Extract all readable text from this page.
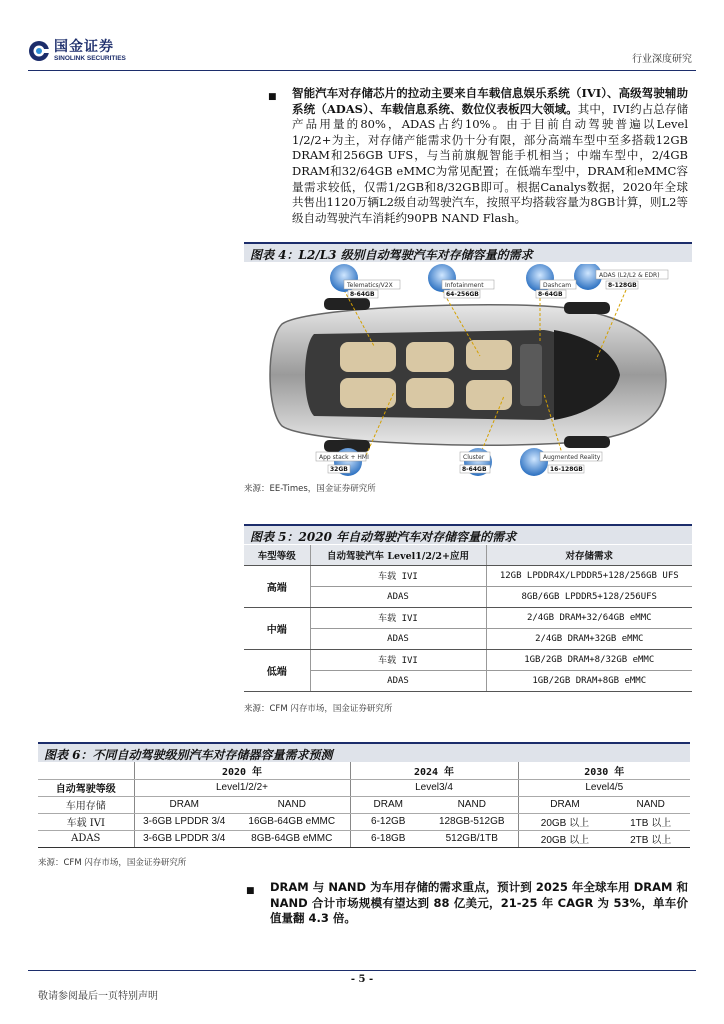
国金证券
SINOLINK SECURITIES	行业深度研究
■ 智能汽车对存储芯片的拉动主要来自车载信息娱乐系统（IVI）、高级驾驶辅助系统（ADAS）、车载信息系统、数位仪表板四大领域。其中，IVI约占总存储产品用量的80%，ADAS占约10%。由于目前自动驾驶普遍以Level 1/2/2+为主，对存储产能需求仍十分有限，部分高端车型中至多搭载12GB DRAM和256GB UFS，与当前旗舰智能手机相当；中端车型中，2/4GB DRAM和32/64GB eMMC为常见配置；在低端车型中，DRAM和eMMC容量需求较低，仅需1/2GB和8/32GB即可。根据Canalys数据，2020年全球共售出1120万辆L2级自动驾驶汽车，按照平均搭载容量为8GB计算，则L2等级自动驾驶汽车消耗约90PB NAND Flash。
图表 4：L2/L3 级别自动驾驶汽车对存储容量的需求
Telematics/V2X
8-64GB
Infotainment
64-256GB
Dashcam
8-64GB
ADAS (L2/L2 & EDR)
8-128GB
App stack + HMI
32GB
Cluster
8-64GB
Augmented Reality
16-128GB
来源：EE-Times，国金证券研究所
图表 5：2020 年自动驾驶汽车对存储容量的需求
车型等级	自动驾驶汽车 Level1/2/2+应用	对存储需求
高端	车载 IVI	12GB LPDDR4X/LPDDR5+128/256GB UFS
	ADAS	8GB/6GB LPDDR5+128/256UFS
中端	车载 IVI	2/4GB DRAM+32/64GB eMMC
	ADAS	2/4GB DRAM+32GB eMMC
低端	车载 IVI	1GB/2GB DRAM+8/32GB eMMC
	ADAS	1GB/2GB DRAM+8GB eMMC
来源：CFM 闪存市场，国金证券研究所
图表 6：不同自动驾驶级别汽车对存储器容量需求预测
	2020 年		2024 年		2030 年	
自动驾驶等级	Level1/2/2+		Level3/4		Level4/5	
车用存储	DRAM	NAND	DRAM	NAND	DRAM	NAND
车载 IVI	3-6GB LPDDR 3/4	16GB-64GB eMMC	6-12GB	128GB-512GB	20GB 以上	1TB 以上
ADAS	3-6GB LPDDR 3/4	8GB-64GB eMMC	6-18GB	512GB/1TB	20GB 以上	2TB 以上
来源：CFM 闪存市场，国金证券研究所
■ DRAM 与 NAND 为车用存储的需求重点，预计到 2025 年全球车用 DRAM 和 NAND 合计市场规模有望达到 88 亿美元，21-25 年 CAGR 为 53%，单车价值量翻 4.3 倍。
- 5 -
敬请参阅最后一页特别声明
